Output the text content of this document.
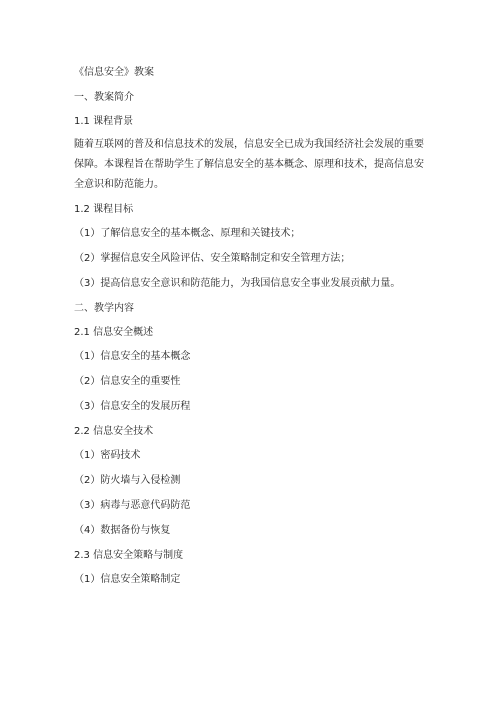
《信息安全》教案

一、教案简介

1.1 课程背景

随着互联网的普及和信息技术的发展，信息安全已成为我国经济社会发展的重要保障。本课程旨在帮助学生了解信息安全的基本概念、原理和技术，提高信息安全意识和防范能力。

1.2 课程目标

（1）了解信息安全的基本概念、原理和关键技术；

（2）掌握信息安全风险评估、安全策略制定和安全管理方法；

（3）提高信息安全意识和防范能力，为我国信息安全事业发展贡献力量。

二、教学内容

2.1 信息安全概述

（1）信息安全的基本概念

（2）信息安全的重要性

（3）信息安全的发展历程

2.2 信息安全技术

（1）密码技术

（2）防火墙与入侵检测

（3）病毒与恶意代码防范

（4）数据备份与恢复

2.3 信息安全策略与制度

（1）信息安全策略制定
